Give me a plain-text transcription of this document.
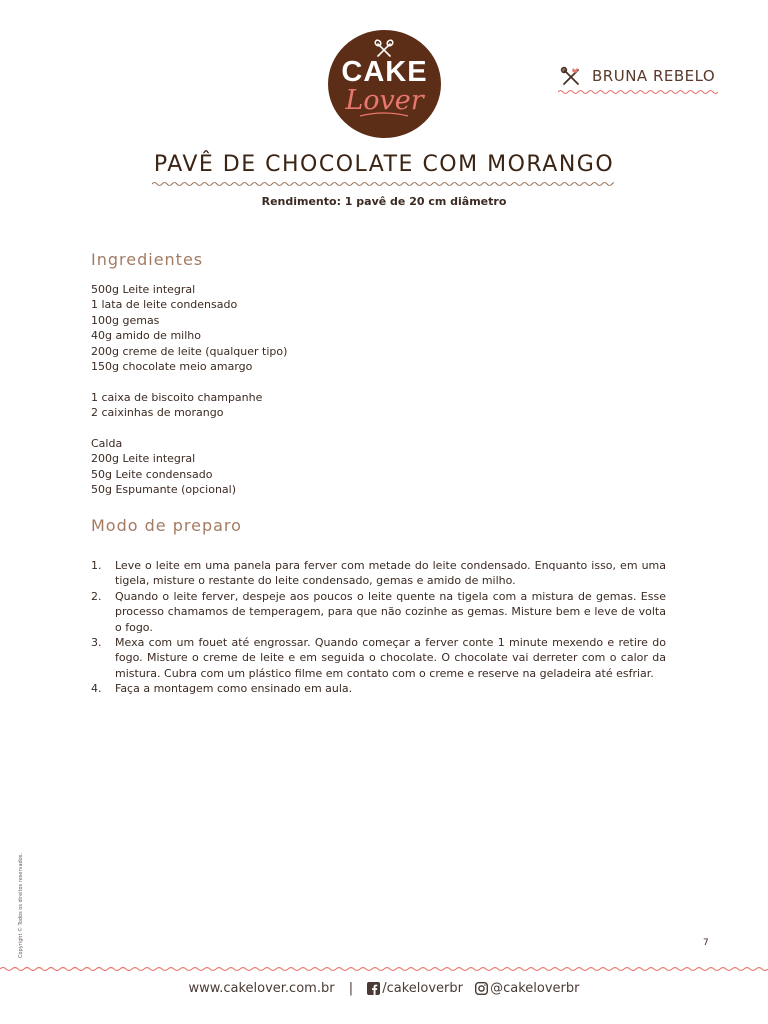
CAKE
Lover
BRUNA REBELO
PAVÊ DE CHOCOLATE COM MORANGO
Rendimento: 1 pavê de 20 cm diâmetro
Ingredientes
500g Leite integral
1 lata de leite condensado
100g gemas
40g amido de milho
200g creme de leite (qualquer tipo)
150g chocolate meio amargo
1 caixa de biscoito champanhe
2 caixinhas de morango
Calda
200g Leite integral
50g Leite condensado
50g Espumante (opcional)
Modo de preparo
1. Leve o leite em uma panela para ferver com metade do leite condensado. Enquanto isso, em uma tigela, misture o restante do leite condensado, gemas e amido de milho.
2. Quando o leite ferver, despeje aos poucos o leite quente na tigela com a mistura de gemas. Esse processo chamamos de temperagem, para que não cozinhe as gemas. Misture bem e leve de volta o fogo.
3. Mexa com um fouet até engrossar. Quando começar a ferver conte 1 minute mexendo e retire do fogo. Misture o creme de leite e em seguida o chocolate. O chocolate vai derreter com o calor da mistura. Cubra com um plástico filme em contato com o creme e reserve na geladeira até esfriar.
4. Faça a montagem como ensinado em aula.
Copyright © Todos os direitos reservados.	7
www.cakelover.com.br | /cakeloverbr @cakeloverbr
